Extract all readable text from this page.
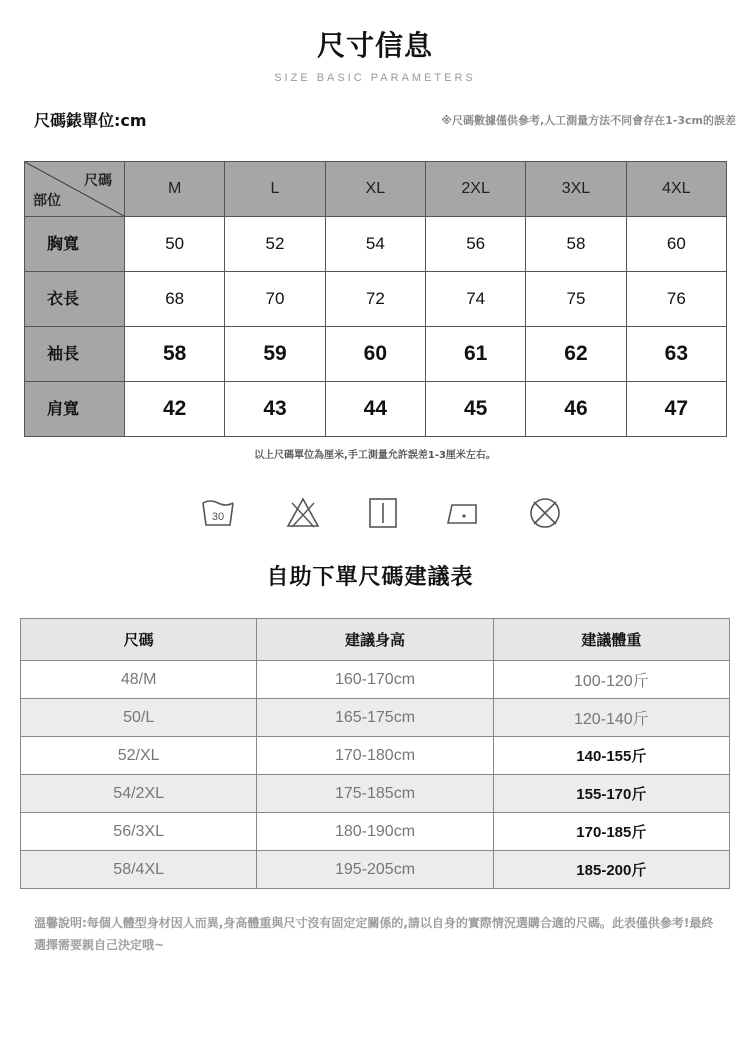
尺寸信息
SIZE BASIC PARAMETERS
尺碼錶單位:cm	※尺碼數據僅供參考,人工測量方法不同會存在1-3cm的誤差
尺碼
部位	M	L	XL	2XL	3XL	4XL
胸寬	50	52	54	56	58	60
衣長	68	70	72	74	75	76
袖長	58	59	60	61	62	63
肩寬	42	43	44	45	46	47
以上尺碼單位為厘米,手工測量允許誤差1-3厘米左右。
30
自助下單尺碼建議表
尺碼	建議身高	建議體重
48/M	160-170cm	100-120斤
50/L	165-175cm	120-140斤
52/XL	170-180cm	140-155斤
54/2XL	175-185cm	155-170斤
56/3XL	180-190cm	170-185斤
58/4XL	195-205cm	185-200斤
溫馨說明:每個人體型身材因人而異,身高體重與尺寸沒有固定定關係的,請以自身的實際情況選購合適的尺碼。此表僅供參考!最終選擇需要親自己決定哦~
